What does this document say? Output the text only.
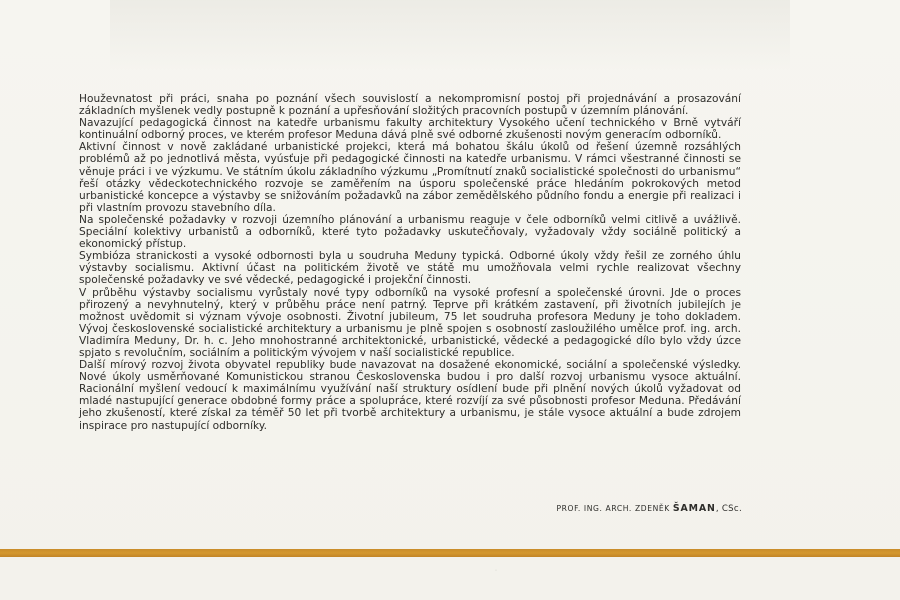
Houževnatost při práci, snaha po poznání všech souvislostí a nekompromisní postoj při projednávání a prosazování základních myšlenek vedly postupně k poznání a upřesňování složitých pracovních postupů v územním plánování.

Navazující pedagogická činnost na katedře urbanismu fakulty architektury Vysokého učení technického v Brně vytváří kontinuální odborný proces, ve kterém profesor Meduna dává plně své odborné zkušenosti novým generacím odborníků.

Aktivní činnost v nově zakládané urbanistické projekci, která má bohatou škálu úkolů od řešení územně rozsáhlých problémů až po jednotlivá města, vyúsťuje při pedagogické činnosti na katedře urbanismu. V rámci všestranné činnosti se věnuje práci i ve výzkumu. Ve státním úkolu základního výzkumu „Promítnutí znaků socialistické společnosti do urbanismu“ řeší otázky vědeckotechnického rozvoje se zaměřením na úsporu společenské práce hledáním pokrokových metod urbanistické koncepce a výstavby se snižováním požadavků na zábor zemědělského půdního fondu a energie při realizaci i při vlastním provozu stavebního díla.

Na společenské požadavky v rozvoji územního plánování a urbanismu reaguje v čele odborníků velmi citlivě a uvážlivě. Speciální kolektivy urbanistů a odborníků, které tyto požadavky uskutečňovaly, vyžadovaly vždy sociálně politický a ekonomický přístup.

Symbióza stranickosti a vysoké odbornosti byla u soudruha Meduny typická. Odborné úkoly vždy řešil ze zorného úhlu výstavby socialismu. Aktivní účast na politickém životě ve státě mu umožňovala velmi rychle realizovat všechny společenské požadavky ve své vědecké, pedagogické i projekční činnosti.

V průběhu výstavby socialismu vyrůstaly nové typy odborníků na vysoké profesní a společenské úrovni. Jde o proces přirozený a nevyhnutelný, který v průběhu práce není patrný. Teprve při krátkém zastavení, při životních jubilejích je možnost uvědomit si význam vývoje osobnosti. Životní jubileum, 75 let soudruha profesora Meduny je toho dokladem. Vývoj československé socialistické architektury a urbanismu je plně spojen s osobností zasloužilého umělce prof. ing. arch. Vladimíra Meduny, Dr. h. c. Jeho mnohostranné architektonické, urbanistické, vědecké a pedagogické dílo bylo vždy úzce spjato s revolučním, sociálním a politickým vývojem v naší socialistické republice.

Další mírový rozvoj života obyvatel republiky bude navazovat na dosažené ekonomické, sociální a společenské výsledky. Nové úkoly usměrňované Komunistickou stranou Československa budou i pro další rozvoj urbanismu vysoce aktuální. Racionální myšlení vedoucí k maximálnímu využívání naší struktury osídlení bude při plnění nových úkolů vyžadovat od mladé nastupující generace obdobné formy práce a spolupráce, které rozvíjí za své působnosti profesor Meduna. Předávání jeho zkušeností, které získal za téměř 50 let při tvorbě architektury a urbanismu, je stále vysoce aktuální a bude zdrojem inspirace pro nastupující odborníky.

PROF. ING. ARCH. ZDENĚK ŠAMAN, CSc.
˙
